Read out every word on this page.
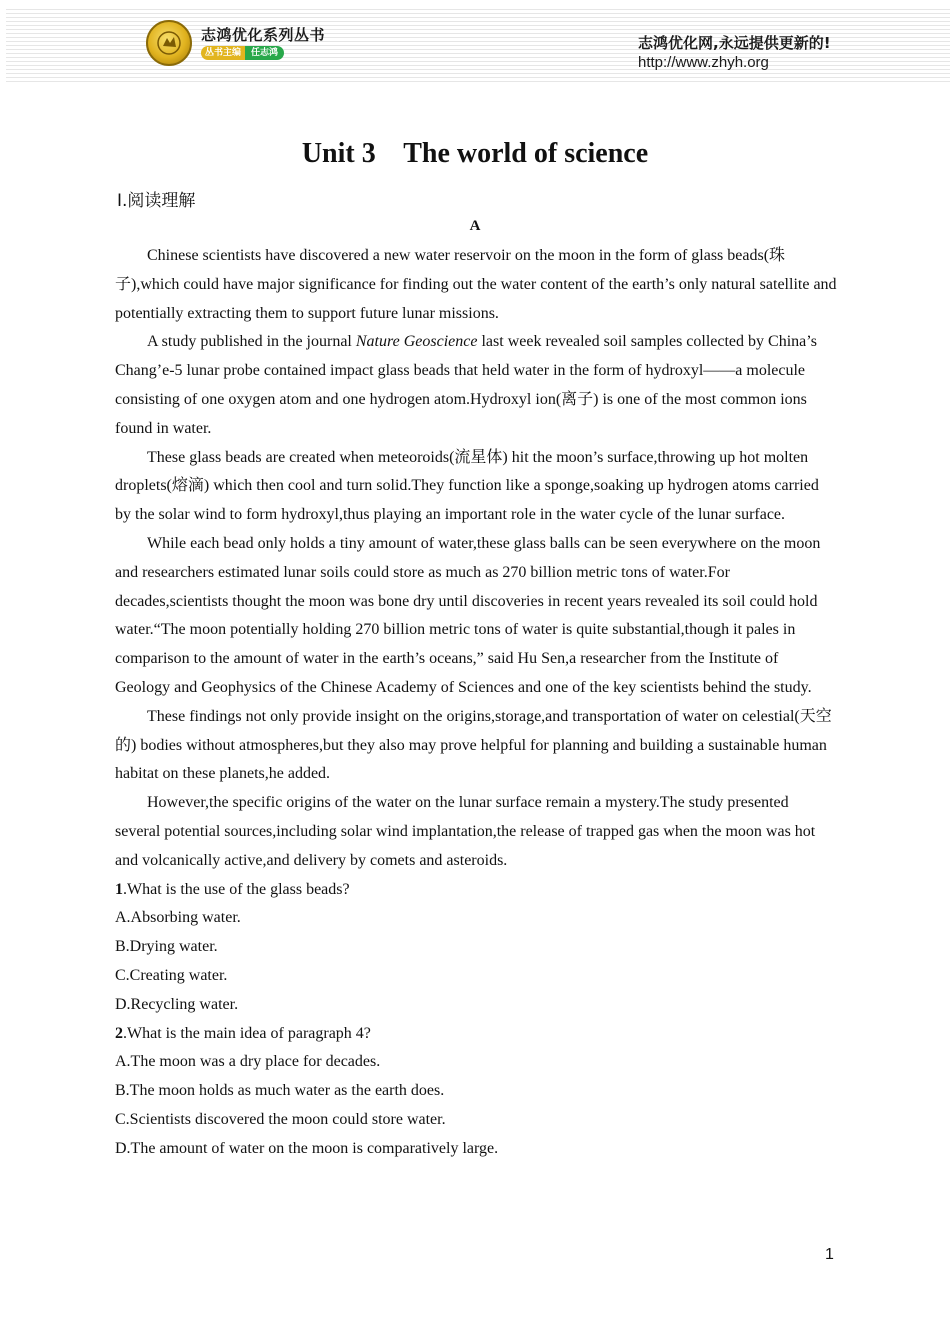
志鸿优化系列丛书
丛书主编	任志鸿
志鸿优化网,永远提供更新的!
http://www.zhyh.org
Unit 3    The world of science
Ⅰ.阅读理解
A

Chinese scientists have discovered a new water reservoir on the moon in the form of glass beads(珠子),which could have major significance for finding out the water content of the earth’s only natural satellite and potentially extracting them to support future lunar missions.

A study published in the journal Nature Geoscience last week revealed soil samples collected by China’s Chang’e-5 lunar probe contained impact glass beads that held water in the form of hydroxyl——a molecule consisting of one oxygen atom and one hydrogen atom.Hydroxyl ion(离子) is one of the most common ions found in water.

These glass beads are created when meteoroids(流星体) hit the moon’s surface,throwing up hot molten droplets(熔滴) which then cool and turn solid.They function like a sponge,soaking up hydrogen atoms carried by the solar wind to form hydroxyl,thus playing an important role in the water cycle of the lunar surface.

While each bead only holds a tiny amount of water,these glass balls can be seen everywhere on the moon and researchers estimated lunar soils could store as much as 270 billion metric tons of water.For decades,scientists thought the moon was bone dry until discoveries in recent years revealed its soil could hold water.“The moon potentially holding 270 billion metric tons of water is quite substantial,though it pales in comparison to the amount of water in the earth’s oceans,” said Hu Sen,a researcher from the Institute of Geology and Geophysics of the Chinese Academy of Sciences and one of the key scientists behind the study.

These findings not only provide insight on the origins,storage,and transportation of water on celestial(天空的) bodies without atmospheres,but they also may prove helpful for planning and building a sustainable human habitat on these planets,he added.

However,the specific origins of the water on the lunar surface remain a mystery.The study presented several potential sources,including solar wind implantation,the release of trapped gas when the moon was hot and volcanically active,and delivery by comets and asteroids.

1.What is the use of the glass beads?
A.Absorbing water.
B.Drying water.
C.Creating water.
D.Recycling water.
2.What is the main idea of paragraph 4?
A.The moon was a dry place for decades.
B.The moon holds as much water as the earth does.
C.Scientists discovered the moon could store water.
D.The amount of water on the moon is comparatively large.
1
